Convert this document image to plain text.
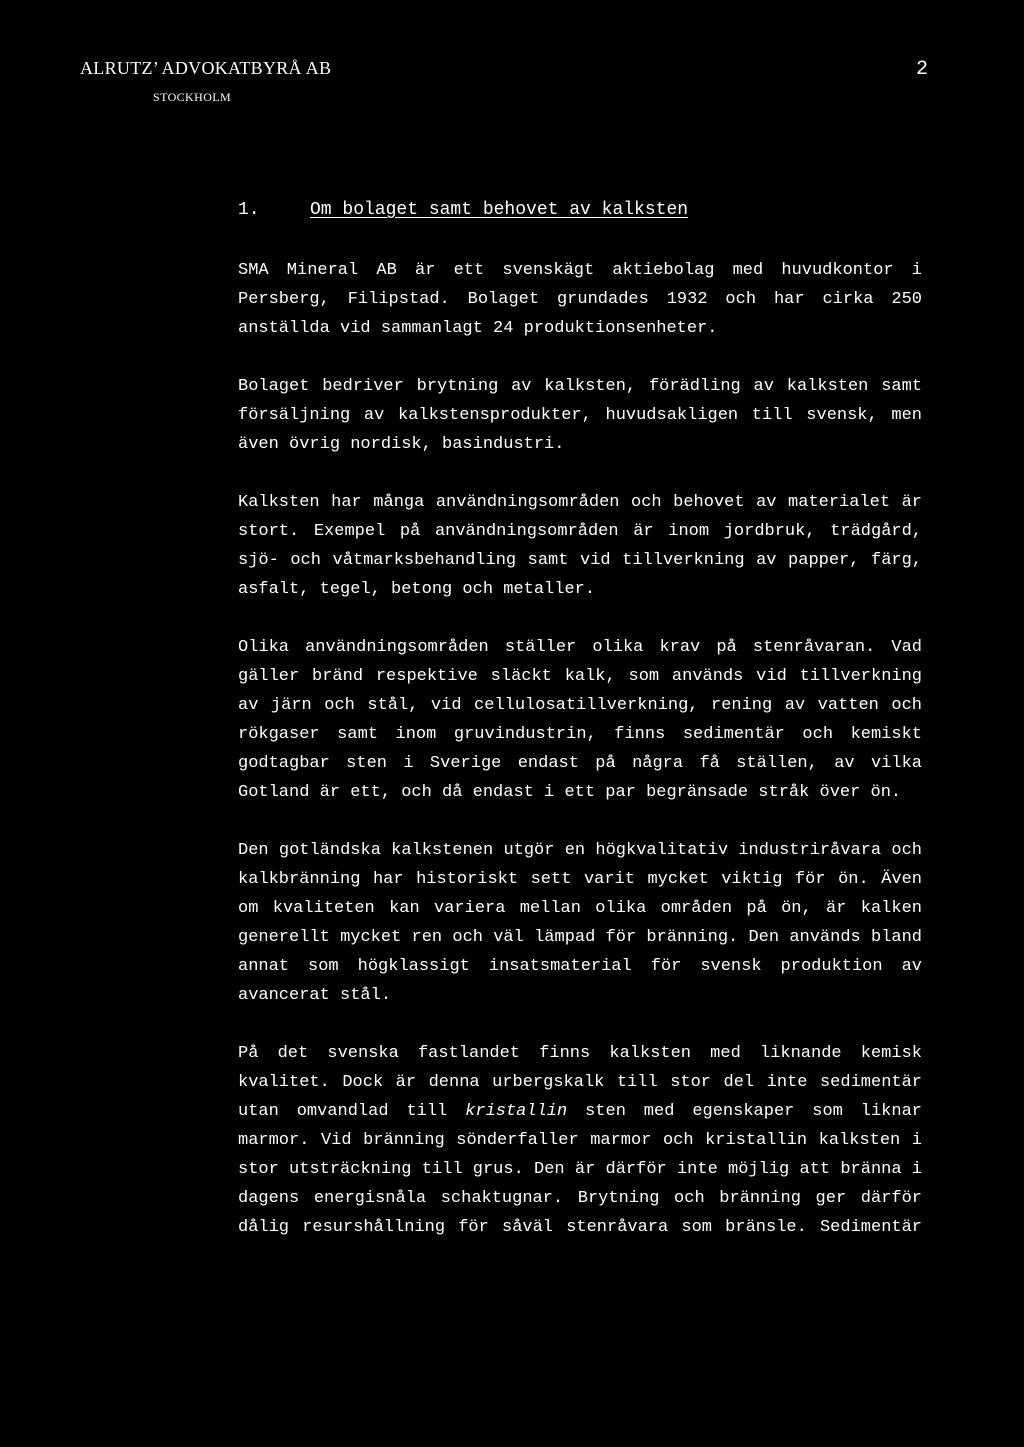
ALRUTZ’ ADVOKATBYRÅ AB
STOCKHOLM
2
1.	Om bolaget samt behovet av kalksten

SMA Mineral AB är ett svenskägt aktiebolag med huvudkontor i Persberg, Filipstad. Bolaget grundades 1932 och har cirka 250 anställda vid sammanlagt 24 produktionsenheter.

Bolaget bedriver brytning av kalksten, förädling av kalksten samt försäljning av kalkstensprodukter, huvudsakligen till svensk, men även övrig nordisk, basindustri.

Kalksten har många användningsområden och behovet av materialet är stort. Exempel på användningsområden är inom jordbruk, trädgård, sjö- och våtmarksbehandling samt vid tillverkning av papper, färg, asfalt, tegel, betong och metaller.

Olika användningsområden ställer olika krav på stenråvaran. Vad gäller bränd respektive släckt kalk, som används vid tillverkning av järn och stål, vid cellulosatillverkning, rening av vatten och rökgaser samt inom gruvindustrin, finns sedimentär och kemiskt godtagbar sten i Sverige endast på några få ställen, av vilka Gotland är ett, och då endast i ett par begränsade stråk över ön.

Den gotländska kalkstenen utgör en högkvalitativ industriråvara och kalkbränning har historiskt sett varit mycket viktig för ön. Även om kvaliteten kan variera mellan olika områden på ön, är kalken generellt mycket ren och väl lämpad för bränning. Den används bland annat som högklassigt insatsmaterial för svensk produktion av avancerat stål.

På det svenska fastlandet finns kalksten med liknande kemisk kvalitet. Dock är denna urbergskalk till stor del inte sedimentär utan omvandlad till kristallin sten med egenskaper som liknar marmor. Vid bränning sönderfaller marmor och kristallin kalksten i stor utsträckning till grus. Den är därför inte möjlig att bränna i dagens energisnåla schaktugnar. Brytning och bränning ger därför dålig resurshållning för såväl stenråvara som bränsle. Sedimentär
